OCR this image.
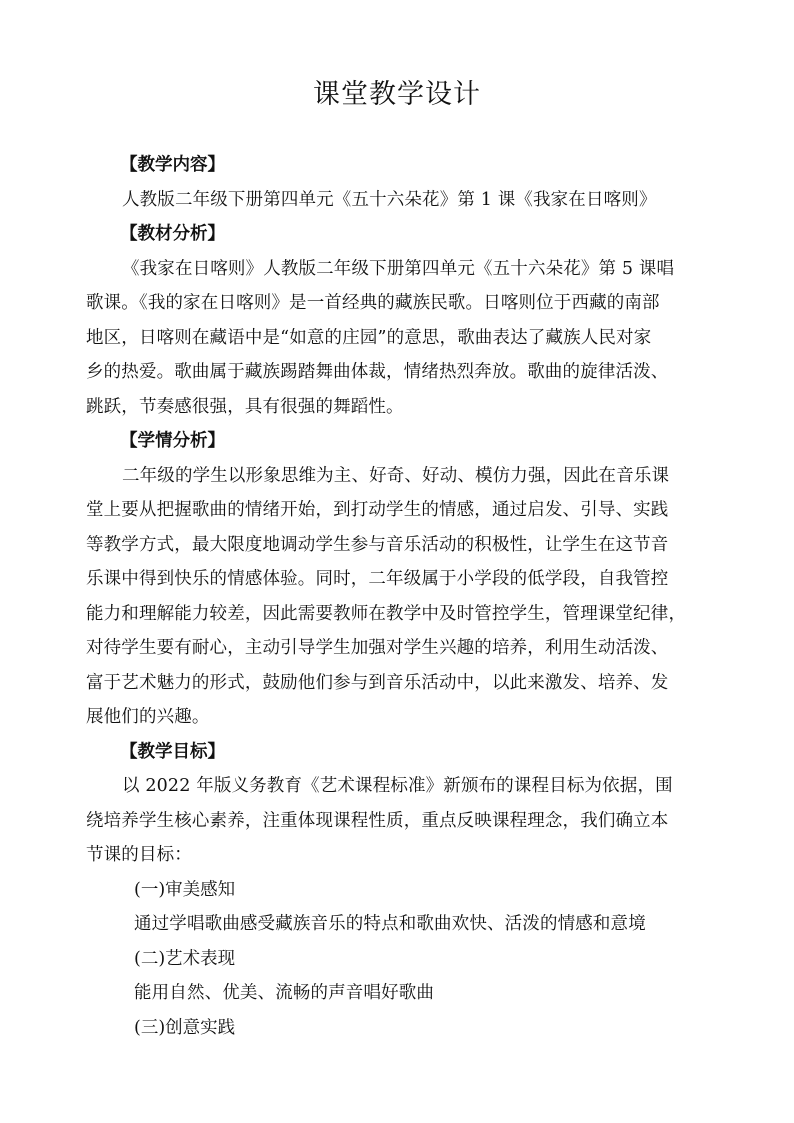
课堂教学设计
【教学内容】
人教版二年级下册第四单元《五十六朵花》第 1 课《我家在日喀则》
【教材分析】
《我家在日喀则》人教版二年级下册第四单元《五十六朵花》第 5 课唱
歌课。《我的家在日喀则》是一首经典的藏族民歌。日喀则位于西藏的南部
地区，日喀则在藏语中是“如意的庄园”的意思，歌曲表达了藏族人民对家
乡的热爱。歌曲属于藏族踢踏舞曲体裁，情绪热烈奔放。歌曲的旋律活泼、
跳跃，节奏感很强，具有很强的舞蹈性。
【学情分析】
二年级的学生以形象思维为主、好奇、好动、模仿力强，因此在音乐课
堂上要从把握歌曲的情绪开始，到打动学生的情感，通过启发、引导、实践
等教学方式，最大限度地调动学生参与音乐活动的积极性，让学生在这节音
乐课中得到快乐的情感体验。同时，二年级属于小学段的低学段，自我管控
能力和理解能力较差，因此需要教师在教学中及时管控学生，管理课堂纪律，
对待学生要有耐心，主动引导学生加强对学生兴趣的培养，利用生动活泼、
富于艺术魅力的形式，鼓励他们参与到音乐活动中，以此来激发、培养、发
展他们的兴趣。
【教学目标】
以 2022 年版义务教育《艺术课程标准》新颁布的课程目标为依据，围
绕培养学生核心素养，注重体现课程性质，重点反映课程理念，我们确立本
节课的目标：
(一)审美感知
通过学唱歌曲感受藏族音乐的特点和歌曲欢快、活泼的情感和意境
(二)艺术表现
能用自然、优美、流畅的声音唱好歌曲
(三)创意实践
